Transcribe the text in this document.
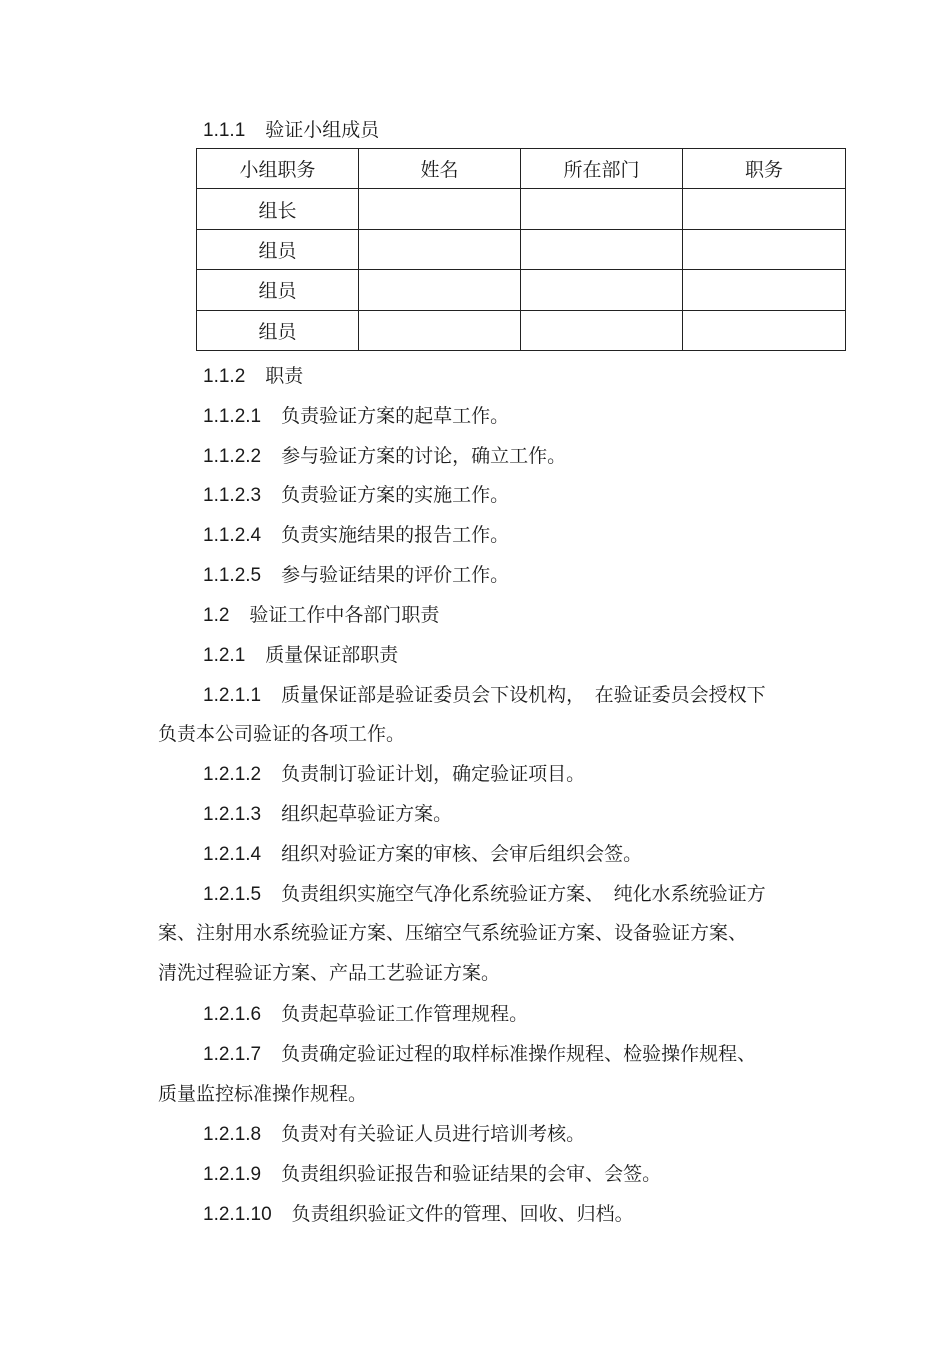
1.1.1 验证小组成员
小组职务	姓名	所在部门	职务
组长			
组员			
组员			
组员			
1.1.2 职责
1.1.2.1 负责验证方案的起草工作。
1.1.2.2 参与验证方案的讨论，确立工作。
1.1.2.3 负责验证方案的实施工作。
1.1.2.4 负责实施结果的报告工作。
1.1.2.5 参与验证结果的评价工作。
1.2 验证工作中各部门职责
1.2.1 质量保证部职责
1.2.1.1 质量保证部是验证委员会下设机构，　在验证委员会授权下
负责本公司验证的各项工作。
1.2.1.2 负责制订验证计划，确定验证项目。
1.2.1.3 组织起草验证方案。
1.2.1.4 组织对验证方案的审核、会审后组织会签。
1.2.1.5 负责组织实施空气净化系统验证方案、　纯化水系统验证方
案、注射用水系统验证方案、压缩空气系统验证方案、设备验证方案、
清洗过程验证方案、产品工艺验证方案。
1.2.1.6 负责起草验证工作管理规程。
1.2.1.7 负责确定验证过程的取样标准操作规程、检验操作规程、
质量监控标准操作规程。
1.2.1.8 负责对有关验证人员进行培训考核。
1.2.1.9 负责组织验证报告和验证结果的会审、会签。
1.2.1.10 负责组织验证文件的管理、回收、归档。
